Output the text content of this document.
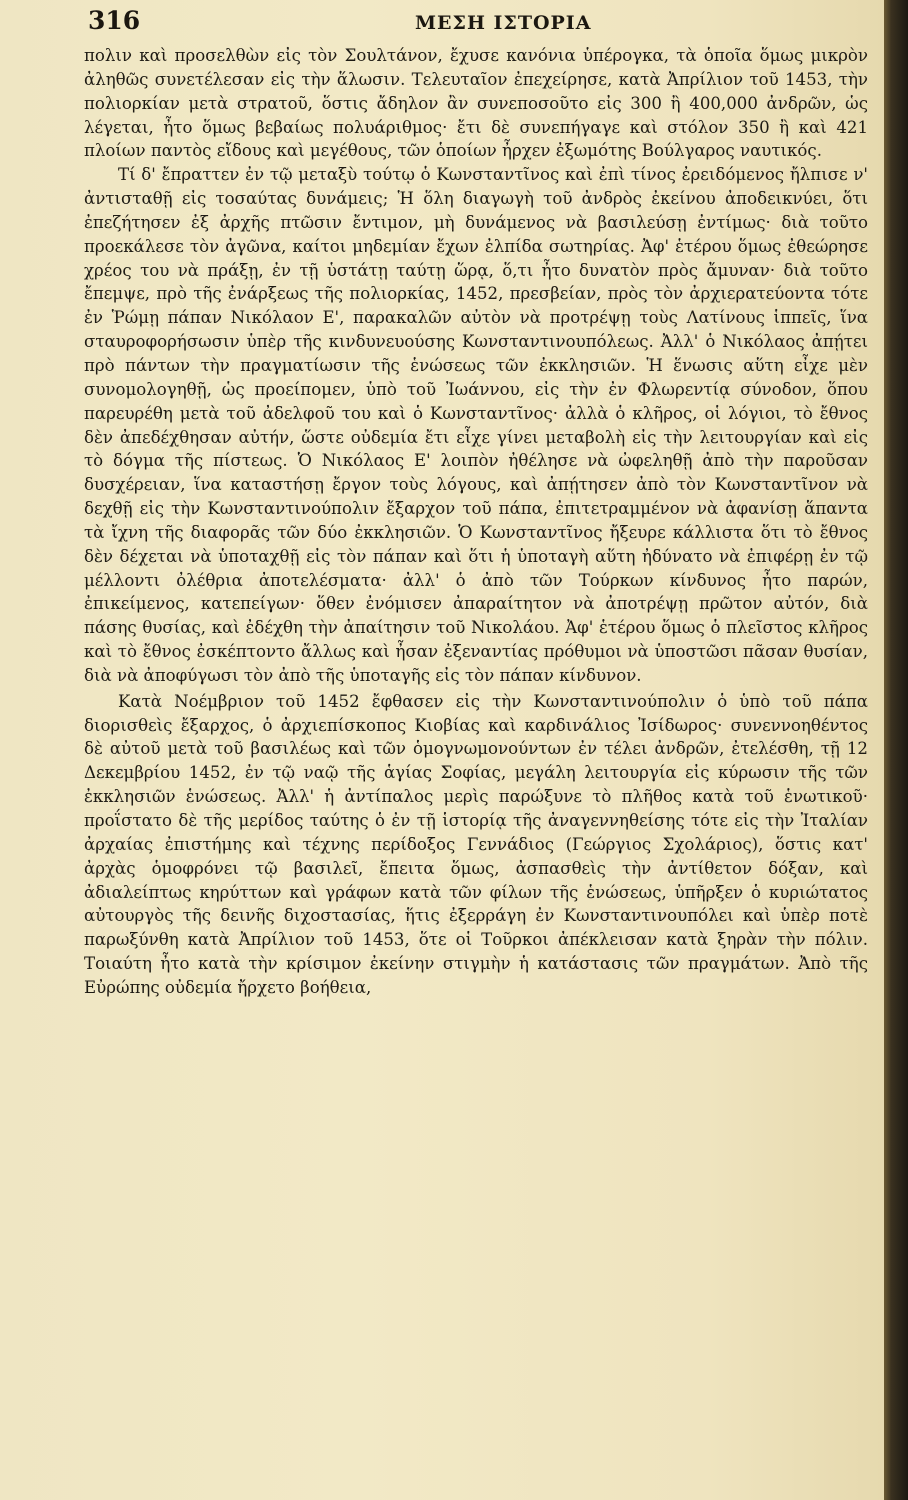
316	ΜΕΣΗ ΙΣΤΟΡΙΑ

πολιν καὶ προσελθὼν εἰς τὸν Σουλτάνον, ἔχυσε κανόνια ὑπέρογκα, τὰ ὁποῖα ὅμως μικρὸν ἀληθῶς συνετέλεσαν εἰς τὴν ἅλωσιν. Τελευταῖον ἐπεχείρησε, κατὰ Ἀπρίλιον τοῦ 1453, τὴν πολιορκίαν μετὰ στρατοῦ, ὅστις ἄδηλον ἂν συνεποσοῦτο εἰς 300 ἢ 400,000 ἀνδρῶν, ὡς λέγεται, ἦτο ὅμως βεβαίως πολυάριθμος· ἔτι δὲ συνεπήγαγε καὶ στόλον 350 ἢ καὶ 421 πλοίων παντὸς εἴδους καὶ μεγέθους, τῶν ὁποίων ἦρχεν ἐξωμότης Βούλγαρος ναυτικός.

Τί δ' ἔπραττεν ἐν τῷ μεταξὺ τούτῳ ὁ Κωνσταντῖνος καὶ ἐπὶ τίνος ἐρειδόμενος ἤλπισε ν' ἀντισταθῇ εἰς τοσαύτας δυνάμεις; Ἡ ὅλη διαγωγὴ τοῦ ἀνδρὸς ἐκείνου ἀποδεικνύει, ὅτι ἐπεζήτησεν ἐξ ἀρχῆς πτῶσιν ἔντιμον, μὴ δυνάμενος νὰ βασιλεύσῃ ἐντίμως· διὰ τοῦτο προεκάλεσε τὸν ἀγῶνα, καίτοι μηδεμίαν ἔχων ἐλπίδα σωτηρίας. Ἀφ' ἑτέρου ὅμως ἐθεώρησε χρέος του νὰ πράξῃ, ἐν τῇ ὑστάτῃ ταύτῃ ὥρᾳ, ὅ,τι ἦτο δυνατὸν πρὸς ἄμυναν· διὰ τοῦτο ἔπεμψε, πρὸ τῆς ἐνάρξεως τῆς πολιορκίας, 1452, πρεσβείαν, πρὸς τὸν ἀρχιερατεύοντα τότε ἐν Ῥώμῃ πάπαν Νικόλαον Ε', παρακαλῶν αὐτὸν νὰ προτρέψῃ τοὺς Λατίνους ἱππεῖς, ἵνα σταυροφορήσωσιν ὑπὲρ τῆς κινδυνευούσης Κωνσταντινουπόλεως. Ἀλλ' ὁ Νικόλαος ἀπῄτει πρὸ πάντων τὴν πραγματίωσιν τῆς ἑνώσεως τῶν ἐκκλησιῶν. Ἡ ἕνωσις αὕτη εἶχε μὲν συνομολογηθῇ, ὡς προείπομεν, ὑπὸ τοῦ Ἰωάννου, εἰς τὴν ἐν Φλωρεντίᾳ σύνοδον, ὅπου παρευρέθη μετὰ τοῦ ἀδελφοῦ του καὶ ὁ Κωνσταντῖνος· ἀλλὰ ὁ κλῆρος, οἱ λόγιοι, τὸ ἔθνος δὲν ἀπεδέχθησαν αὐτήν, ὥστε οὐδεμία ἔτι εἶχε γίνει μεταβολὴ εἰς τὴν λειτουργίαν καὶ εἰς τὸ δόγμα τῆς πίστεως. Ὁ Νικόλαος Ε' λοιπὸν ἠθέλησε νὰ ὠφεληθῇ ἀπὸ τὴν παροῦσαν δυσχέρειαν, ἵνα καταστήσῃ ἔργον τοὺς λόγους, καὶ ἀπῄτησεν ἀπὸ τὸν Κωνσταντῖνον νὰ δεχθῇ εἰς τὴν Κωνσταντινούπολιν ἔξαρχον τοῦ πάπα, ἐπιτετραμμένον νὰ ἀφανίσῃ ἅπαντα τὰ ἴχνη τῆς διαφορᾶς τῶν δύο ἐκκλησιῶν. Ὁ Κωνσταντῖνος ἤξευρε κάλλιστα ὅτι τὸ ἔθνος δὲν δέχεται νὰ ὑποταχθῇ εἰς τὸν πάπαν καὶ ὅτι ἡ ὑποταγὴ αὕτη ἠδύνατο νὰ ἐπιφέρῃ ἐν τῷ μέλλοντι ὀλέθρια ἀποτελέσματα· ἀλλ' ὁ ἀπὸ τῶν Τούρκων κίνδυνος ἦτο παρών, ἐπικείμενος, κατεπείγων· ὅθεν ἐνόμισεν ἀπαραίτητον νὰ ἀποτρέψῃ πρῶτον αὐτόν, διὰ πάσης θυσίας, καὶ ἐδέχθη τὴν ἀπαίτησιν τοῦ Νικολάου. Ἀφ' ἑτέρου ὅμως ὁ πλεῖστος κλῆρος καὶ τὸ ἔθνος ἐσκέπτοντο ἄλλως καὶ ἦσαν ἐξεναντίας πρόθυμοι νὰ ὑποστῶσι πᾶσαν θυσίαν, διὰ νὰ ἀποφύγωσι τὸν ἀπὸ τῆς ὑποταγῆς εἰς τὸν πάπαν κίνδυνον.

Κατὰ Νοέμβριον τοῦ 1452 ἔφθασεν εἰς τὴν Κωνσταντινούπολιν ὁ ὑπὸ τοῦ πάπα διορισθεὶς ἔξαρχος, ὁ ἀρχιεπίσκοπος Κιοβίας καὶ καρδινάλιος Ἰσίδωρος· συνεννοηθέντος δὲ αὐτοῦ μετὰ τοῦ βασιλέως καὶ τῶν ὁμογνωμονούντων ἐν τέλει ἀνδρῶν, ἐτελέσθη, τῇ 12 Δεκεμβρίου 1452, ἐν τῷ ναῷ τῆς ἁγίας Σοφίας, μεγάλη λειτουργία εἰς κύρωσιν τῆς τῶν ἐκκλησιῶν ἑνώσεως. Ἀλλ' ἡ ἀντίπαλος μερὶς παρώξυνε τὸ πλῆθος κατὰ τοῦ ἑνωτικοῦ· προΐστατο δὲ τῆς μερίδος ταύτης ὁ ἐν τῇ ἱστορίᾳ τῆς ἀναγεννηθείσης τότε εἰς τὴν Ἰταλίαν ἀρχαίας ἐπιστήμης καὶ τέχνης περίδοξος Γεννάδιος (Γεώργιος Σχολάριος), ὅστις κατ' ἀρχὰς ὁμοφρόνει τῷ βασιλεῖ, ἔπειτα ὅμως, ἀσπασθεὶς τὴν ἀντίθετον δόξαν, καὶ ἀδιαλείπτως κηρύττων καὶ γράφων κατὰ τῶν φίλων τῆς ἑνώσεως, ὑπῆρξεν ὁ κυριώτατος αὐτουργὸς τῆς δεινῆς διχοστασίας, ἥτις ἐξερράγη ἐν Κωνσταντινουπόλει καὶ ὑπὲρ ποτὲ παρωξύνθη κατὰ Ἀπρίλιον τοῦ 1453, ὅτε οἱ Τοῦρκοι ἀπέκλεισαν κατὰ ξηρὰν τὴν πόλιν. Τοιαύτη ἦτο κατὰ τὴν κρίσιμον ἐκείνην στιγμὴν ἡ κατάστασις τῶν πραγμάτων. Ἀπὸ τῆς Εὐρώπης οὐδεμία ἤρχετο βοήθεια,
